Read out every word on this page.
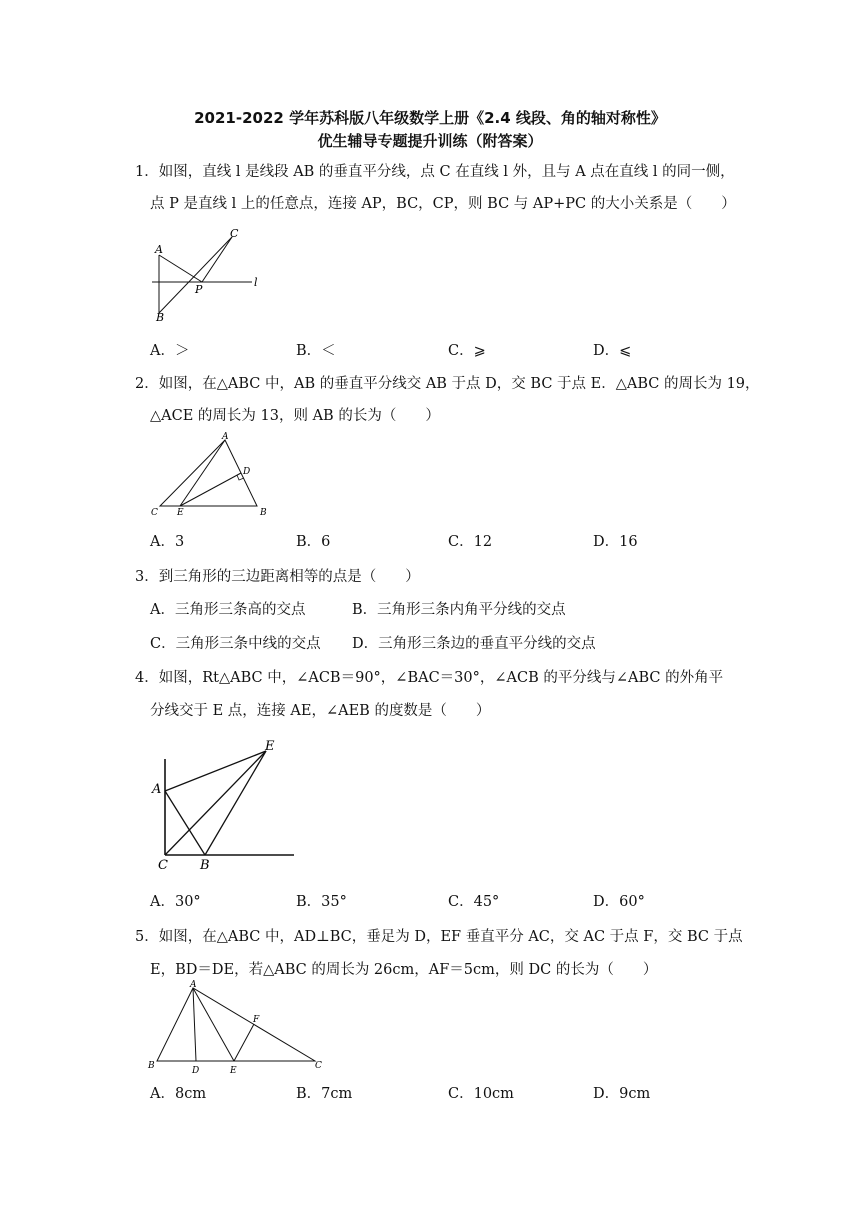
2021-2022 学年苏科版八年级数学上册《2.4 线段、角的轴对称性》
优生辅导专题提升训练（附答案）
1．如图，直线 l 是线段 AB 的垂直平分线，点 C 在直线 l 外，且与 A 点在直线 l 的同一侧，
点 P 是直线 l 上的任意点，连接 AP，BC，CP，则 BC 与 AP+PC 的大小关系是（　　）
A
B
C
P
l
A．＞	B．＜	C．⩾	D．⩽
2．如图，在△ABC 中，AB 的垂直平分线交 AB 于点 D，交 BC 于点 E．△ABC 的周长为 19，
△ACE 的周长为 13，则 AB 的长为（　　）
A
B
C
D
E
A．3	B．6	C．12	D．16
3．到三角形的三边距离相等的点是（　　）
A．三角形三条高的交点	B．三角形三条内角平分线的交点
C．三角形三条中线的交点 D．三角形三条边的垂直平分线的交点
4．如图，Rt△ABC 中，∠ACB＝90°，∠BAC＝30°，∠ACB 的平分线与∠ABC 的外角平
分线交于 E 点，连接 AE，∠AEB 的度数是（　　）
A
B
C
E
A．30°	B．35°	C．45°	D．60°
5．如图，在△ABC 中，AD⊥BC，垂足为 D，EF 垂直平分 AC，交 AC 于点 F，交 BC 于点
E，BD＝DE，若△ABC 的周长为 26cm，AF＝5cm，则 DC 的长为（　　）
A
B	C
D	E
F
A．8cm	B．7cm	C．10cm	D．9cm
